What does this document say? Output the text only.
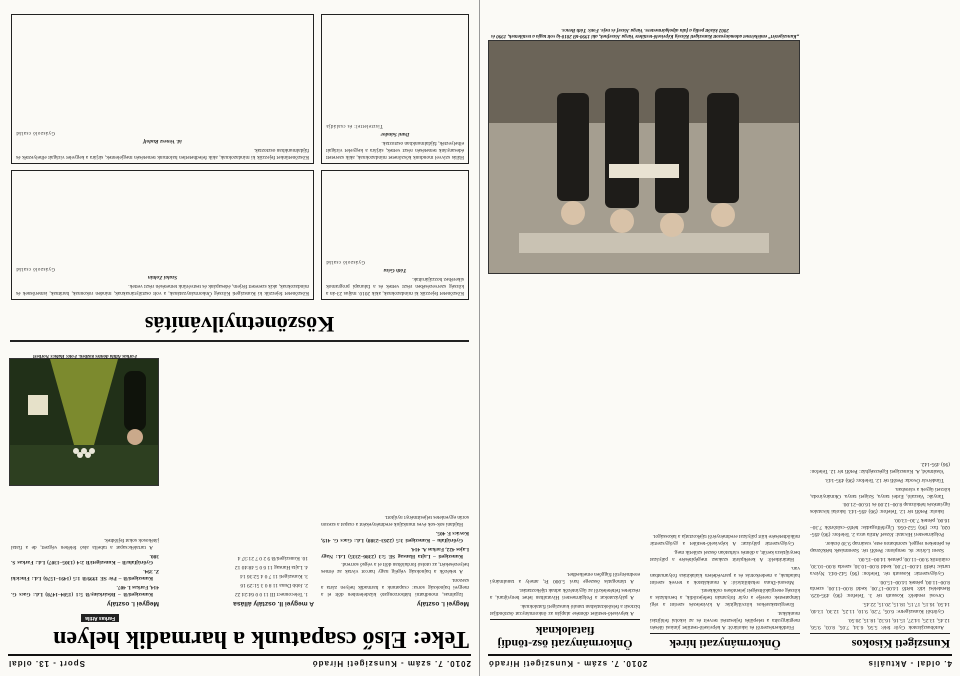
4. oldal - Aktuális
2010. 7. szám - Kunszigeti Híradó
Kunszigeti Kisokos

Autóbuszjáratok Győr felé: 5.56, 6.34, 7.05, 8.03, 9.56, 12.45, 13.25, 14.27, 15.16, 16.32, 18.15, 20.50.

Győrből Kunszigetre: 6.05, 7.20, 9.10, 11.25, 12.30, 13.40, 14.50, 16.15, 17.15, 18.15, 20.15, 22.45.

Orvosi rendelő: Kossuth tér 3. Telefon: (96) 495-029. Rendelési idő: hétfő 14.00–17.00, kedd 8.00–11.00, szerda 8.00–11.00, péntek 14.00–15.00.

Gyógyszertár: Kossuth tér. Telefon: (96) 542-043. Nyitva tartás: hétfő 14.00–17.00, kedd 8.00–10.30, szerda 8.00–10.30, csütörtök 9.00–11.00, péntek 14.00–15.00.

Szent Lőrinc rk. templom: Petőfi tér. Szentmisék hétköznap és pénteken reggel, szombaton este, vasárnap 9.30 órakor.

Polgármesteri Hivatal: József Attila utca 2. Telefon: (96) 495-020, fax: (96) 552-056. Ügyfélfogadás: hétfő–csütörtök 7.30–16.00, péntek 7.30–13.00.

Iskola: Petőfi tér 12. Telefon: (96) 495-143. Iskolai hivatalos ügyintézés hétköznap 8.00–12.00 és 16.00–21.00.

Tanyák: Vaszaló, Erdei tanya, Szigeti tanya. Okmányiroda, körzeti ügyek a városban.

Tündérvár Óvoda: Petőfi tér 12. Telefon: (96) 495-143.

Vasútmód, A. Kunszigeti Egészségház: Petőfi tér 12. Telefon: (96) 495-142.

Önkormányzati hírek

Fürdőkertészetről és iskoláról: A képviselő-testület júniusi ülésén megtárgyalta a település fejlesztési terveit és az iskolai felújítási munkákat.

Energiatakarékos közvilágítás: A kivitelezés szerint a régi lámpatestek cseréje a nyár folyamán befejeződik, a beruházás a község energiaköltségeit jelentősen csökkenti.

Mosoni-Duna rehabilitáció: A munkálatok a tervek szerint haladnak, a mederkotrás és a partvédelem kialakítása folyamatban van.

Határátkelő: A kerékpárút szakasz megépítésére a pályázat benyújtásra került, a döntés várhatóan ősszel születik meg.

Gyógyszertár pályázat: A képviselő-testület a gyógyszertár működtetésére kiírt pályázat eredményéről tájékoztatja a lakosságot.

Önkormányzati ösz-töndíj fiataloknak

A képviselő-testület döntése alapján az önkormányzat ösztöndíjat biztosít a felsőoktatásban tanuló kunszigeti fiataloknak.

A pályázatokat a Polgármesteri Hivatalban lehet benyújtani, a részletes feltételekről az ügyintézők adnak tájékoztatást.

A támogatás összege havi 5.000 Ft, amely a tanulmányi eredménytől függően emelkedhet.

„Kunszigetért” emlékérmet adományozott Kunszigeti Község Képviselő-testülete Varga Józsefnek, aki 1990-től 2010-ig volt tagja a testületnek, 1990 és 2002 között pedig a falu alpolgármestere. Varga József és neje. Fotó: Tóth Bence.
2010. 7. szám - Kunszigeti Híradó
Sport - 13. oldal
Teke: Első csapatunk a harmadik helyen
Farkas Attila
Megyei I. osztály

Izgalmas, mondhatni hátborzongató küzdelemben dőlt el a megyei bajnokság sorsa: csapatunk a harmadik helyen zárta a szezont.

A tekézők a bajnokság végéig nagy harcot vívtak az érmes helyezésekért, az utolsó fordulóban dőlt el a végső sorrend.

Kunszigeti – Lajta Hansag SE 5:3 (2386–2335) Ld.: Nagy Lajos 422, Farkas A. 414.

Győrújfalu – Kunszigeti 3:5 (2263–2388) Ld.: Gacs G. 419, Kovács F. 405.

Hajdani sok-sok éves munkájuk eredményeként a csapat a szezon során egyenletes teljesítményt nyújtott.

A megyei II. osztály állása

1. Teleconnect III 11 0 0 64:24 22

2. Jobb Duna 11 8 0 3 51:29 16

3. Kunszigeti 11 7 0 4 52:36 14

4. Lajta Hansag 11 6 0 5 48:40 12

10. Kunszigeti/B 9 2 0 7 21:37 4

Megyei I. osztály

Kunszigeti/B – Bősárkány/B 5:1 (1584–1478) Ld.: Gacs G. 414, Farkas I. 407.

Kunszigeti/B – Pér SE 1999/B 1:5 (1491–1576) Ld.: Fincicki Z. 394.

Győrújfalu/B – Kunszigeti/B 2:4 (1305–1307) Ld.: Farkas S. 380.

A tartalékcsapat a tabella alsó felében végzett, de a fiatal játékosok sokat fejlődtek.

Farkas Attila döntés közben. Fotó: Babics Norbert
Köszönetnyilvánítás
Köszönetet fejezzük ki mindazoknak, akik 2010. május 23-án a község szervezésében részt vettek és a falunapi programok sikeréhez hozzájárultak.
Tóth Géza
Gyászoló család
Köszönetet fejezzük ki Kunszigeti Község Önkormányzatának, a volt osztálytársaknak, minden rokonnak, barátnak, ismerősnek és mindazoknak, akik szeretett férjem, édesapánk és testvérünk temetésén részt vettek.
Szalai Zoltán
Gyászoló család
Hálás szívvel mondunk köszönetet mindazoknak, akik szeretett édesanyánk temetésén részt vettek, sírjára a kegyelet virágait elhelyezték, fájdalmunkban osztoztak.
Dani Sándor
Tisztelettel: és családja
Köszönetünket fejezzük ki mindazoknak, akik feledhetetlen halottunk temetésén megjelentek, sírjára a kegyelet virágait elhelyezték és fájdalmunkban osztoztak.
id. Venesz Rudolf
Gyászoló család
